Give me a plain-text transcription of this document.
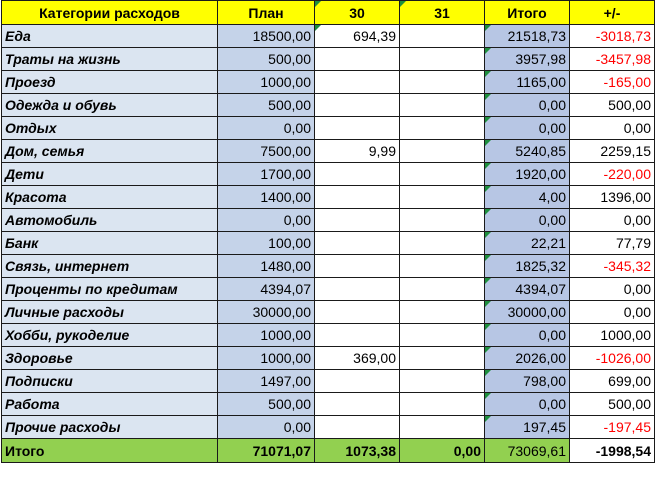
Категории расходов	План	30	31	Итого	+/-
Еда	18500,00	694,39		21518,73	-3018,73
Траты на жизнь	500,00			3957,98	-3457,98
Проезд	1000,00			1165,00	-165,00
Одежда и обувь	500,00			0,00	500,00
Отдых	0,00			0,00	0,00
Дом, семья	7500,00	9,99		5240,85	2259,15
Дети	1700,00			1920,00	-220,00
Красота	1400,00			4,00	1396,00
Автомобиль	0,00			0,00	0,00
Банк	100,00			22,21	77,79
Связь, интернет	1480,00			1825,32	-345,32
Проценты по кредитам	4394,07			4394,07	0,00
Личные расходы	30000,00			30000,00	0,00
Хобби, рукоделие	1000,00			0,00	1000,00
Здоровье	1000,00	369,00		2026,00	-1026,00
Подписки	1497,00			798,00	699,00
Работа	500,00			0,00	500,00
Прочие расходы	0,00			197,45	-197,45
Итого	71071,07	1073,38	0,00	73069,61	-1998,54
